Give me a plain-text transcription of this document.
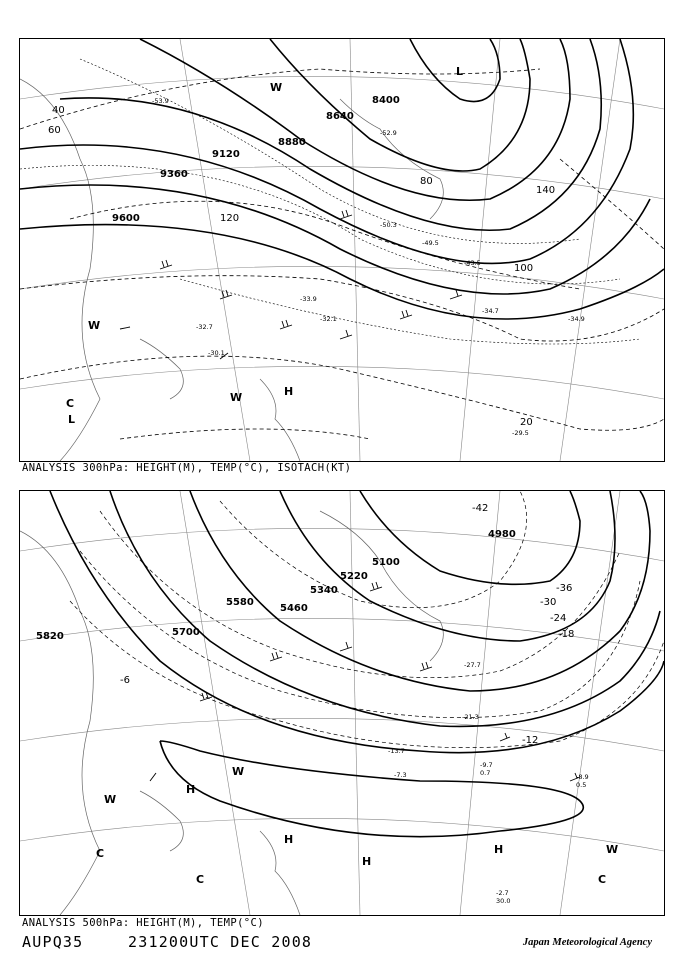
9600
9360
9120
8880
8640
8400
40
60
80
120
140
20
100
-30.1
-32.7
-33.9
-34.7
-43.5
-49.5
-50.3
-52.9
-53.9
-29.5
-34.9
-32.1
H
W
L
C
W
W
L
ANALYSIS 300hPa: HEIGHT(M), TEMP(°C), ISOTACH(KT)
5820	5700
5580
5460
5340
5220
5100
4980
-42
-36
-30
-24
-18
-12
-6
-8.9
0.5
-2.7
30.0
-9.7
0.7
-13.7
-7.3
-21.3
-27.7
H
H
H
H
W
W
W
C
C	C
ANALYSIS 500hPa: HEIGHT(M), TEMP(°C)
AUPQ35	231200UTC DEC 2008	Japan Meteorological Agency
